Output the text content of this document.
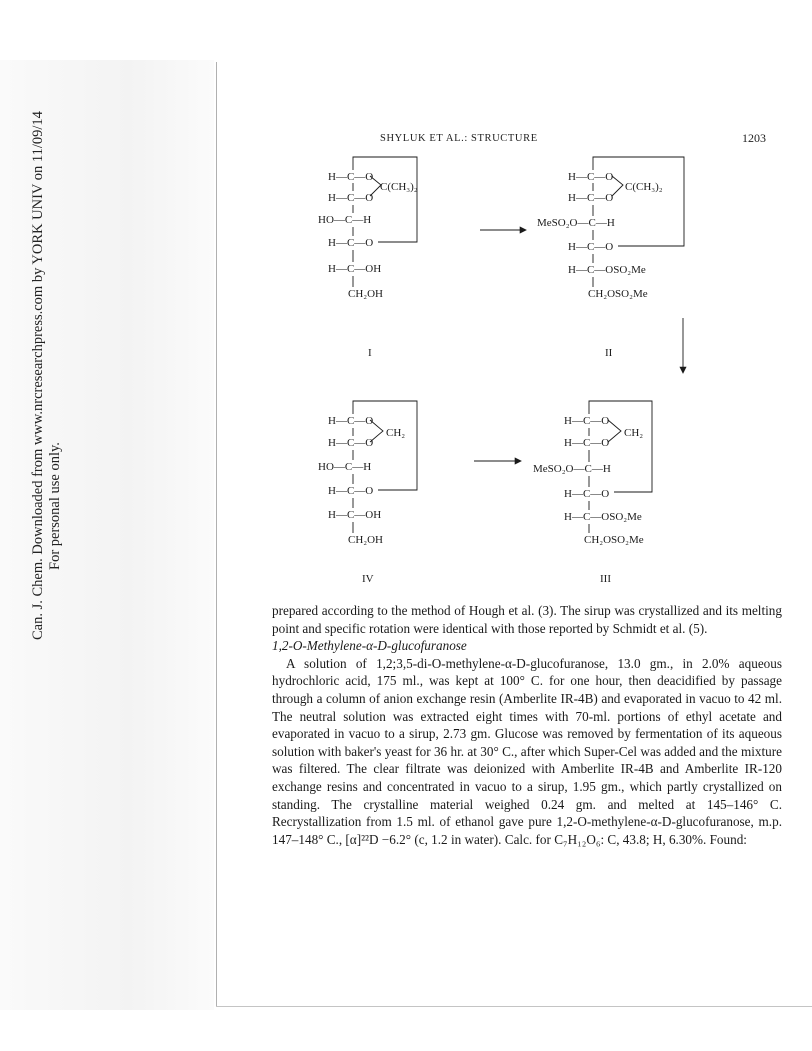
Can. J. Chem. Downloaded from www.nrcresearchpress.com by YORK UNIV on 11/09/14 For personal use only.
SHYLUK ET AL.: STRUCTURE	1203
H—C—O
H—C—O
HO—C—H
H—C—O
H—C—OH
CH₂OH
C(CH₃)₂
I
H—C—O
H—C—O
MeSO₂O—C—H
H—C—O
H—C—OSO₂Me
CH₂OSO₂Me
C(CH₃)₂
II
H—C—O
H—C—O
HO—C—H
H—C—O
H—C—OH
CH₂OH
CH₂
IV
H—C—O
H—C—O
MeSO₂O—C—H
H—C—O
H—C—OSO₂Me
CH₂OSO₂Me
CH₂
III

prepared according to the method of Hough et al. (3). The sirup was crystallized and its melting point and specific rotation were identical with those reported by Schmidt et al. (5).

1,2-O-Methylene-α-D-glucofuranose

A solution of 1,2;3,5-di-O-methylene-α-D-glucofuranose, 13.0 gm., in 2.0% aqueous hydrochloric acid, 175 ml., was kept at 100° C. for one hour, then deacidified by passage through a column of anion exchange resin (Amberlite IR-4B) and evaporated in vacuo to 42 ml. The neutral solution was extracted eight times with 70-ml. portions of ethyl acetate and evaporated in vacuo to a sirup, 2.73 gm. Glucose was removed by fermentation of its aqueous solution with baker's yeast for 36 hr. at 30° C., after which Super-Cel was added and the mixture was filtered. The clear filtrate was deionized with Amberlite IR-4B and Amberlite IR-120 exchange resins and concentrated in vacuo to a sirup, 1.95 gm., which partly crystallized on standing. The crystalline material weighed 0.24 gm. and melted at 145–146° C. Recrystallization from 1.5 ml. of ethanol gave pure 1,2-O-methylene-α-D-glucofuranose, m.p. 147–148° C., [α]²²D −6.2° (c, 1.2 in water). Calc. for C₇H₁₂O₆: C, 43.8; H, 6.30%. Found:
